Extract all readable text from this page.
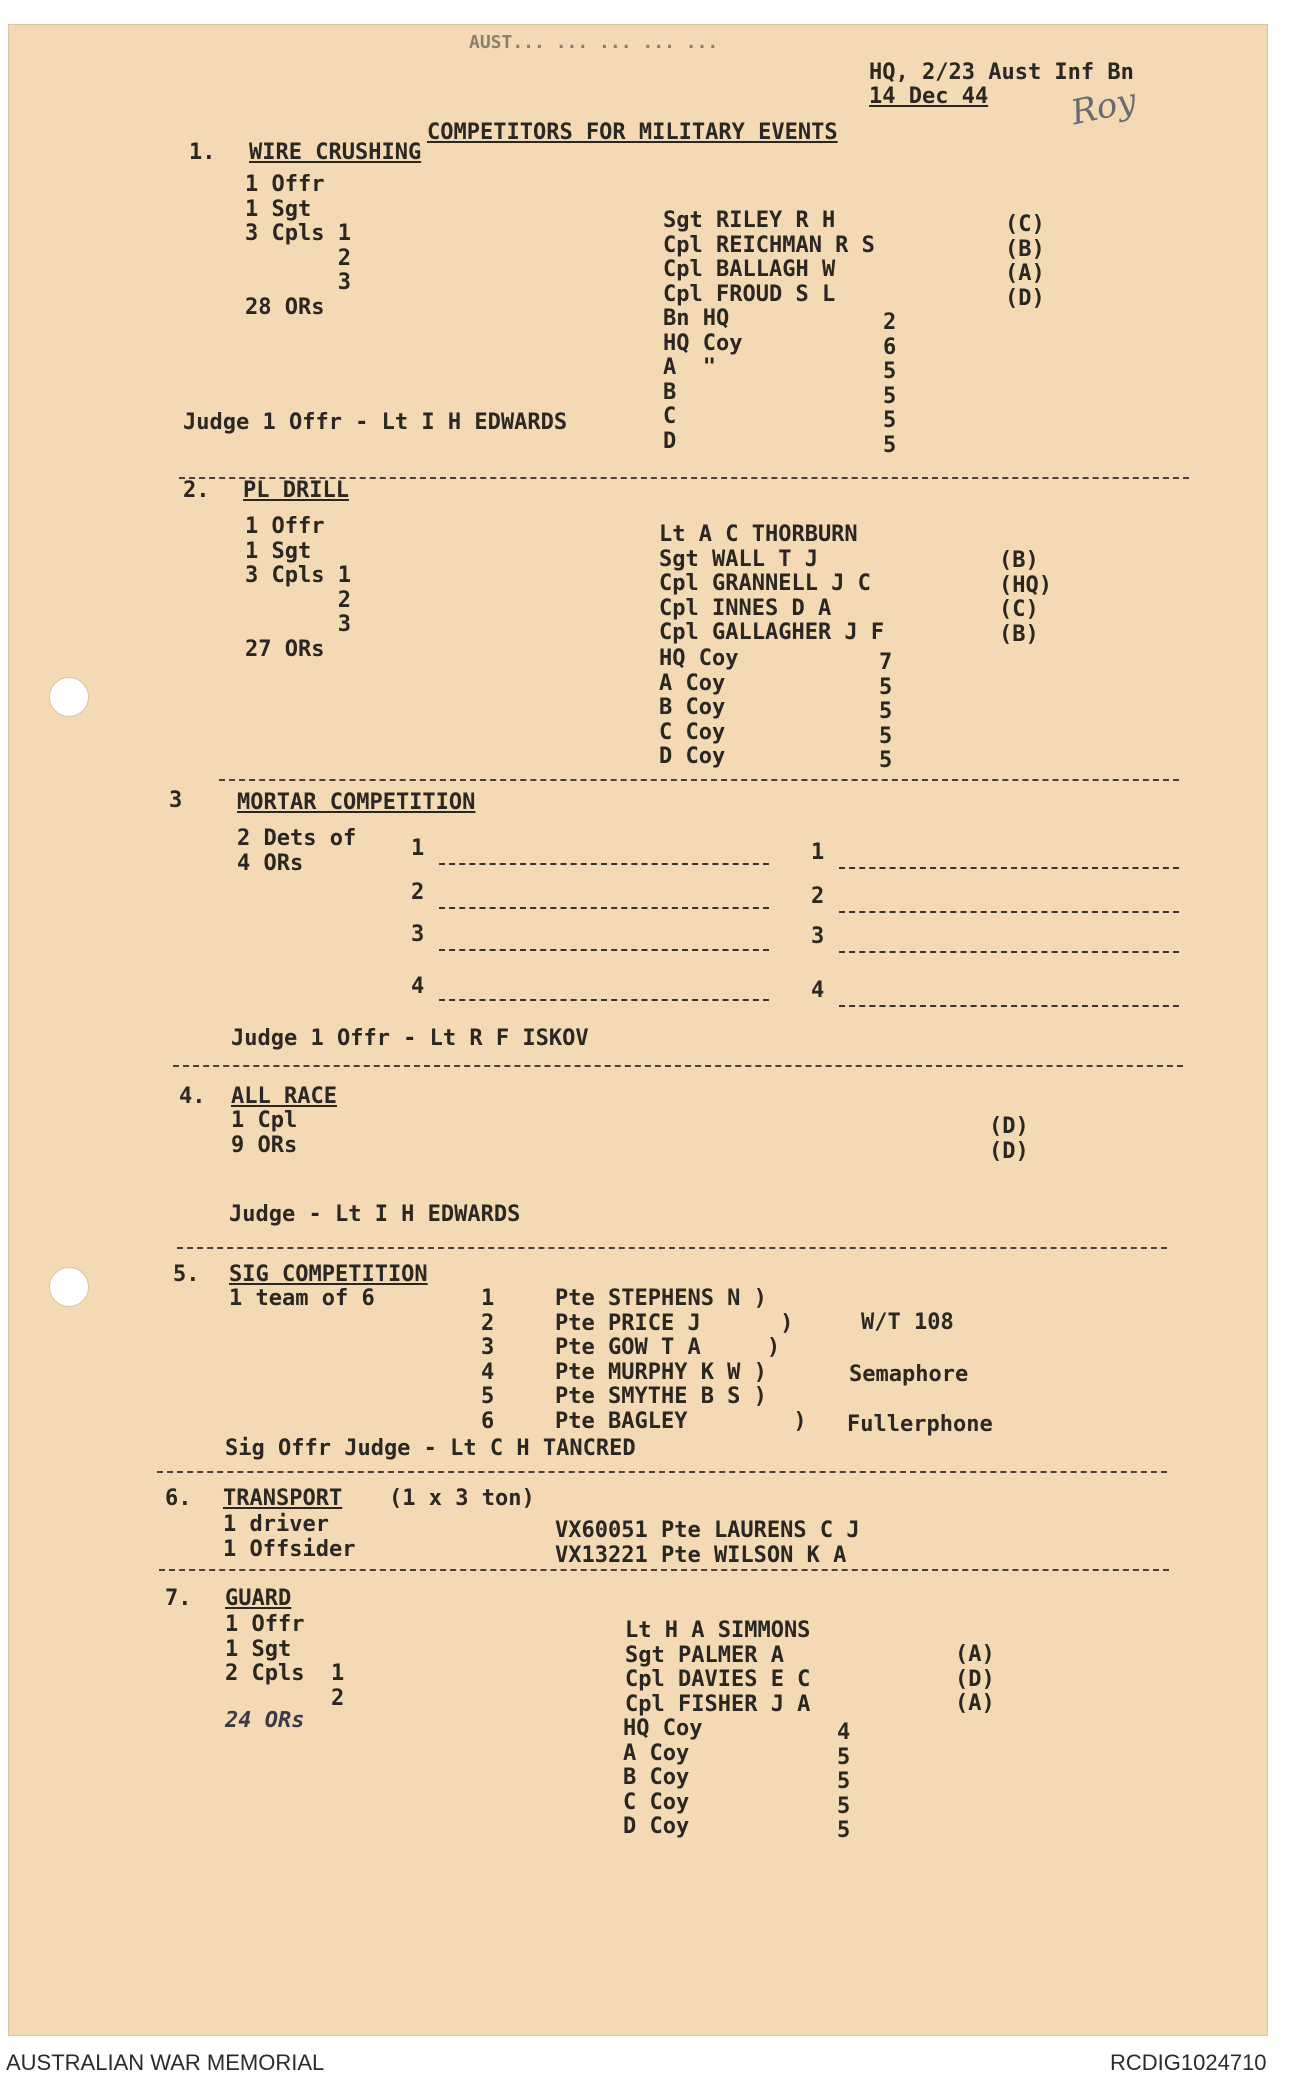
AUST... ... ... ... ...
HQ, 2/23 Aust Inf Bn
14 Dec 44 Roy
COMPETITORS FOR MILITARY EVENTS
1. WIRE CRUSHING
1 Offr
1 Sgt
3 Cpls 1
2
3
28 ORs
Sgt RILEY R H
Cpl REICHMAN R S
Cpl BALLAGH W
Cpl FROUD S L
(C)
(B)
(A)
(D)
Bn HQ
HQ Coy
A  "
B
C
D
2
6
5
5
5
5
Judge 1 Offr - Lt I H EDWARDS
2. PL DRILL
1 Offr
1 Sgt
3 Cpls 1
2
3
27 ORs
Lt A C THORBURN
Sgt WALL T J
Cpl GRANNELL J C
Cpl INNES D A
Cpl GALLAGHER J F
(B)
(HQ)
(C)
(B)
HQ Coy
A Coy
B Coy
C Coy
D Coy
7
5
5
5
5
3 MORTAR COMPETITION
2 Dets of
4 ORs
1
2
3
4
1
2
3
4
Judge 1 Offr - Lt R F ISKOV
4. ALL RACE
1 Cpl
9 ORs
(D)
(D)
Judge - Lt I H EDWARDS
5. SIG COMPETITION
1 team of 6	1
2
3
4
5
6
Pte STEPHENS N )
Pte PRICE J      )
Pte GOW T A     )
Pte MURPHY K W )
Pte SMYTHE B S )
Pte BAGLEY        )
W/T 108
Semaphore
Fullerphone
Sig Offr Judge - Lt C H TANCRED
6. TRANSPORT (1 x 3 ton)
1 driver
1 Offsider
VX60051 Pte LAURENS C J
VX13221 Pte WILSON K A
7. GUARD
1 Offr
1 Sgt
2 Cpls  1
2
24 ORs
Lt H A SIMMONS
Sgt PALMER A
Cpl DAVIES E C
Cpl FISHER J A
(A)
(D)
(A)
HQ Coy
A Coy
B Coy
C Coy
D Coy
4
5
5
5
5
AUSTRALIAN WAR MEMORIAL	RCDIG1024710
